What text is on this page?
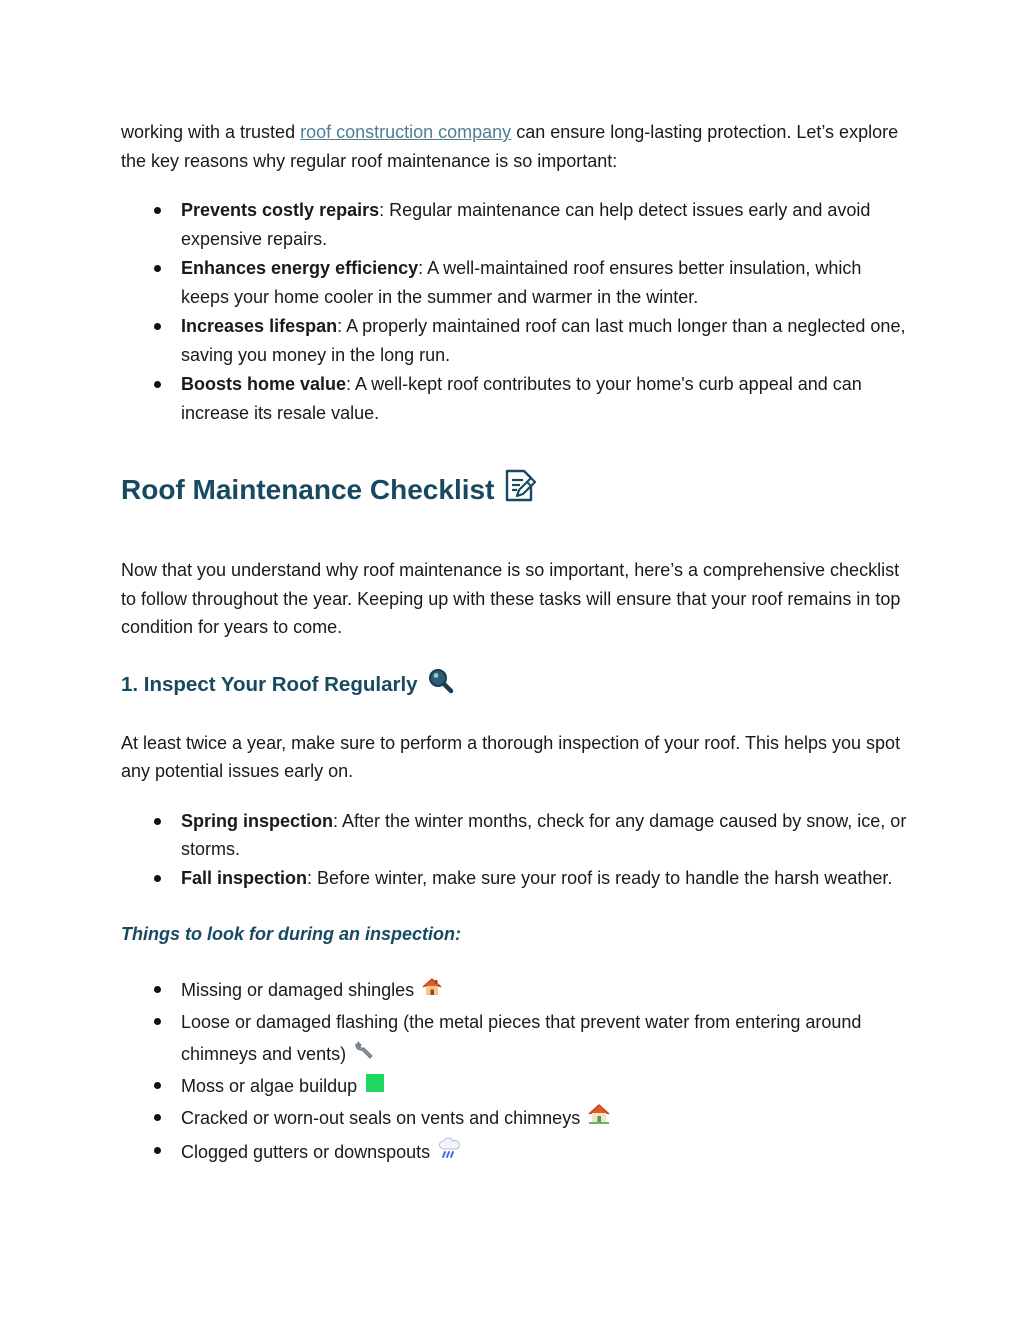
working with a trusted roof construction company can ensure long-lasting protection. Let’s explore the key reasons why regular roof maintenance is so important:

Prevents costly repairs: Regular maintenance can help detect issues early and avoid expensive repairs.
Enhances energy efficiency: A well-maintained roof ensures better insulation, which keeps your home cooler in the summer and warmer in the winter.
Increases lifespan: A properly maintained roof can last much longer than a neglected one, saving you money in the long run.
Boosts home value: A well-kept roof contributes to your home's curb appeal and can increase its resale value.
Roof Maintenance Checklist

Now that you understand why roof maintenance is so important, here’s a comprehensive checklist to follow throughout the year. Keeping up with these tasks will ensure that your roof remains in top condition for years to come.

1. Inspect Your Roof Regularly

At least twice a year, make sure to perform a thorough inspection of your roof. This helps you spot any potential issues early on.

Spring inspection: After the winter months, check for any damage caused by snow, ice, or storms.
Fall inspection: Before winter, make sure your roof is ready to handle the harsh weather.

Things to look for during an inspection:

Missing or damaged shingles
Loose or damaged flashing (the metal pieces that prevent water from entering around chimneys and vents)
Moss or algae buildup
Cracked or worn-out seals on vents and chimneys
Clogged gutters or downspouts
